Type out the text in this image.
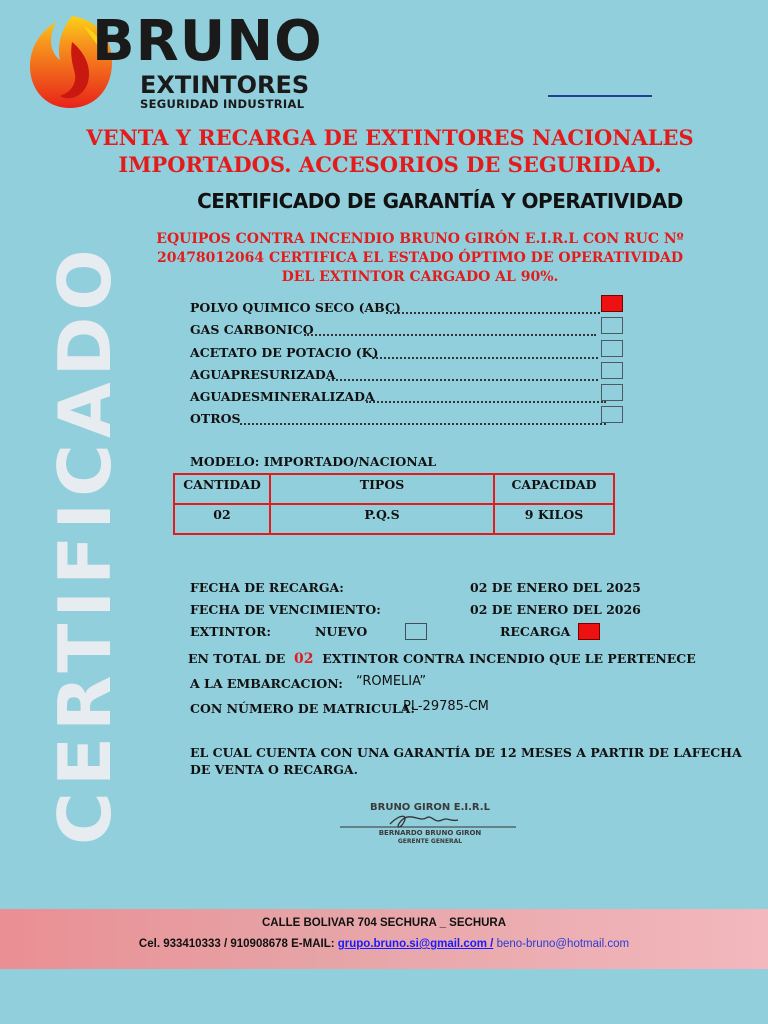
BRUNO
EXTINTORES
SEGURIDAD INDUSTRIAL
VENTA Y RECARGA DE EXTINTORES NACIONALES
IMPORTADOS. ACCESORIOS DE SEGURIDAD.
CERTIFICADO DE GARANTÍA Y OPERATIVIDAD
EQUIPOS CONTRA INCENDIO BRUNO GIRÓN E.I.R.L CON RUC Nº
20478012064 CERTIFICA EL ESTADO ÓPTIMO DE OPERATIVIDAD
DEL EXTINTOR CARGADO AL 90%.
CERTIFICADO	POLVO QUIMICO SECO (ABC)
GAS CARBONICO
ACETATO DE POTACIO (K)
AGUAPRESURIZADA
AGUADESMINERALIZADA
OTROS
MODELO: IMPORTADO/NACIONAL
CANTIDAD	TIPOS	CAPACIDAD
02	P.Q.S	9 KILOS
FECHA DE RECARGA:	02 DE ENERO DEL 2025
FECHA DE VENCIMIENTO:	02 DE ENERO DEL 2026
EXTINTOR:	NUEVO	RECARGA
EN TOTAL DE 02 EXTINTOR CONTRA INCENDIO QUE LE PERTENECE
A LA EMBARCACION: “ROMELIA”
CON NÚMERO DE MATRICULA:
PL-29785-CM
EL CUAL CUENTA CON UNA GARANTÍA DE 12 MESES A PARTIR DE LAFECHA
DE VENTA O RECARGA.
BRUNO GIRON E.I.R.L
BERNARDO BRUNO GIRON
GERENTE GENERAL
CALLE BOLIVAR 704 SECHURA _ SECHURA
Cel. 933410333 / 910908678 E-MAIL: grupo.bruno.si@gmail.com / beno-bruno@hotmail.com
